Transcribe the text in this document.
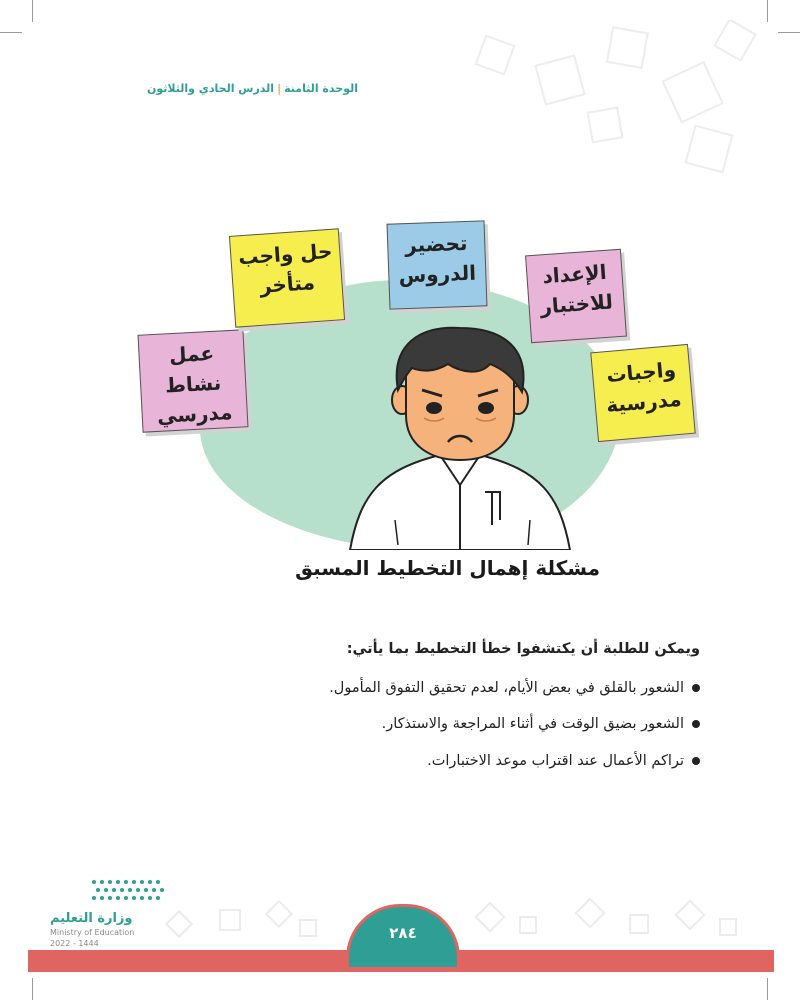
الوحدة الثامنة|الدرس الحادي والثلاثون
عمل نشاط
مدرسي
حل واجب
متأخر
تحضير
الدروس	الإعداد
للاختبار
واجبات
مدرسية
مشكلة إهمال التخطيط المسبق
ويمكن للطلبة أن يكتشفوا خطأ التخطيط بما يأتي:
الشعور بالقلق في بعض الأيام، لعدم تحقيق التفوق المأمول.
الشعور بضيق الوقت في أثناء المراجعة والاستذكار.
تراكم الأعمال عند اقتراب موعد الاختبارات.
وزارة التعليم
Ministry of Education
2022 - 1444
٢٨٤
